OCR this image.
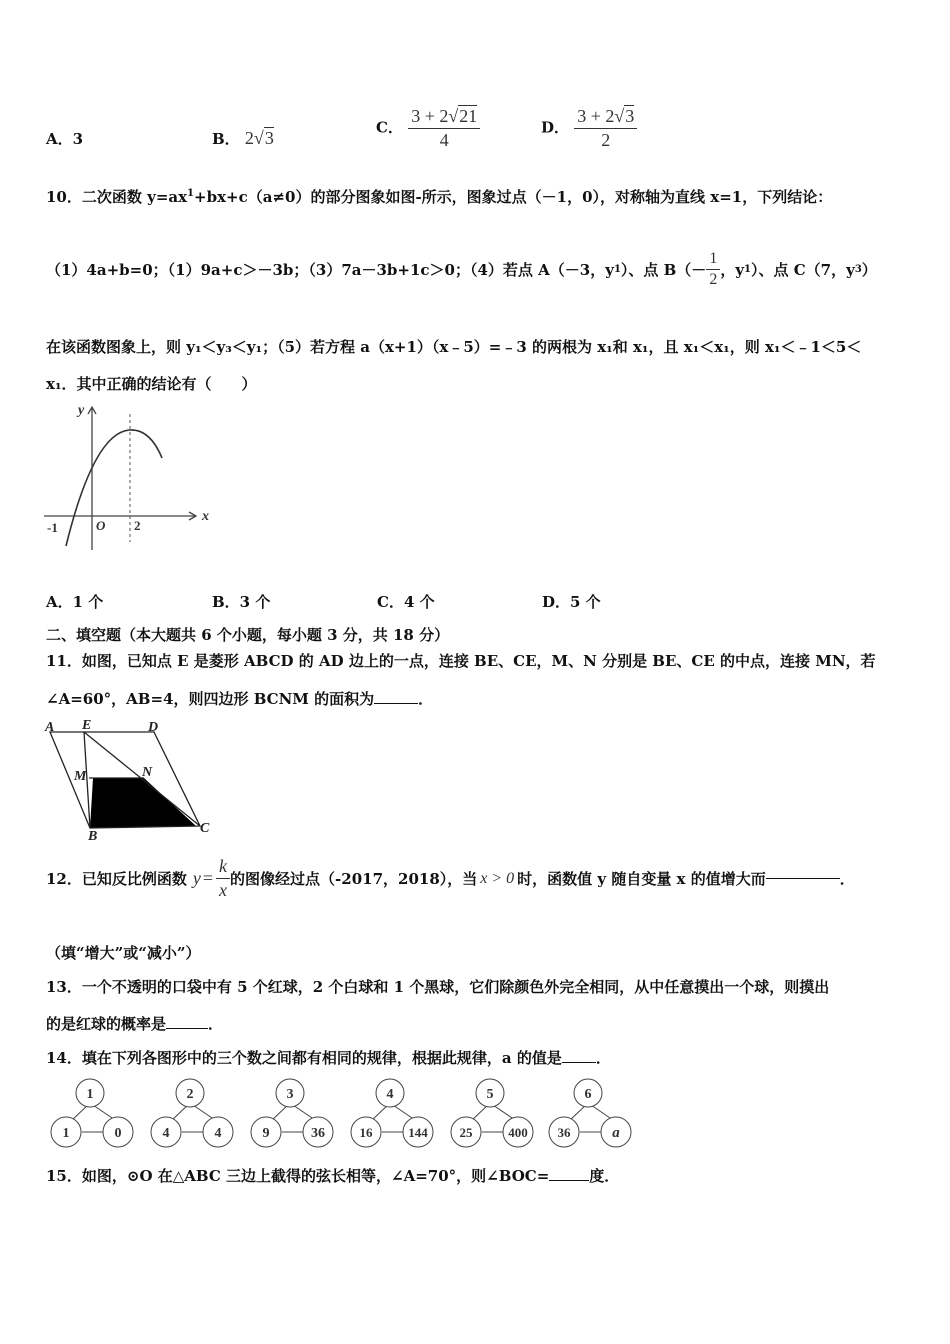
A．3	B． 2√3
C． $\frac{3 + 2√21}{4}$	D． $\frac{3 + 2√3}{2}$
10．二次函数 $y=ax^1+bx+c(a\ne 0)$的部分图象如图-所示，图象过点（－1，0），对称轴为直线 x=1，下列结论：
（1）4a+b=0；（1）9a+c＞－3b；（3）7a－3b+1c＞0；（4）若点 A（－3，y 1 ）、点 $B(- \frac{1}{2}$ ，y 1 ）、点 C（7，y 3 ）
在该函数图象上，则 y₁＜y₃＜y₁；（5）若方程 a（x+1）（x﹣5）=﹣3 的两根为 x₁和 x₁，且 x₁＜x₁，则 x₁＜﹣1＜5＜
x₁．其中正确的结论有（　　）
y
x
-1	O 2
A．1 个	B．3 个	C．4 个	D．5 个
二、填空题（本大题共 6 个小题，每小题 3 分，共 18 分）
11．如图，已知点 E 是菱形 ABCD 的 AD 边上的一点，连接 BE、CE，M、N 分别是 BE、CE 的中点，连接 MN，若
∠A=60°，AB=4，则四边形 BCNM 的面积为	．
A E	D
M	N
B
C
12．已知反比例函数 $y = \frac{k}{x}$ 的图像经过点（-2017，2018），当 x > 0 时，函数值 y 随自变量 x 的值增大而	．
（填“增大”或“减小”）
13．一个不透明的口袋中有 5 个红球，2 个白球和 1 个黑球，它们除颜色外完全相同，从中任意摸出一个球，则摸出
的是红球的概率是	．
14．填在下列各图形中的三个数之间都有相同的规律，根据此规律，a 的值是 ．
1
1	0
2
4	4
3
9	36
4
16	144
5
25	400
6
36	a
15．如图，⊙O 在△ABC 三边上截得的弦长相等，∠A=70°，则∠BOC=	度．
